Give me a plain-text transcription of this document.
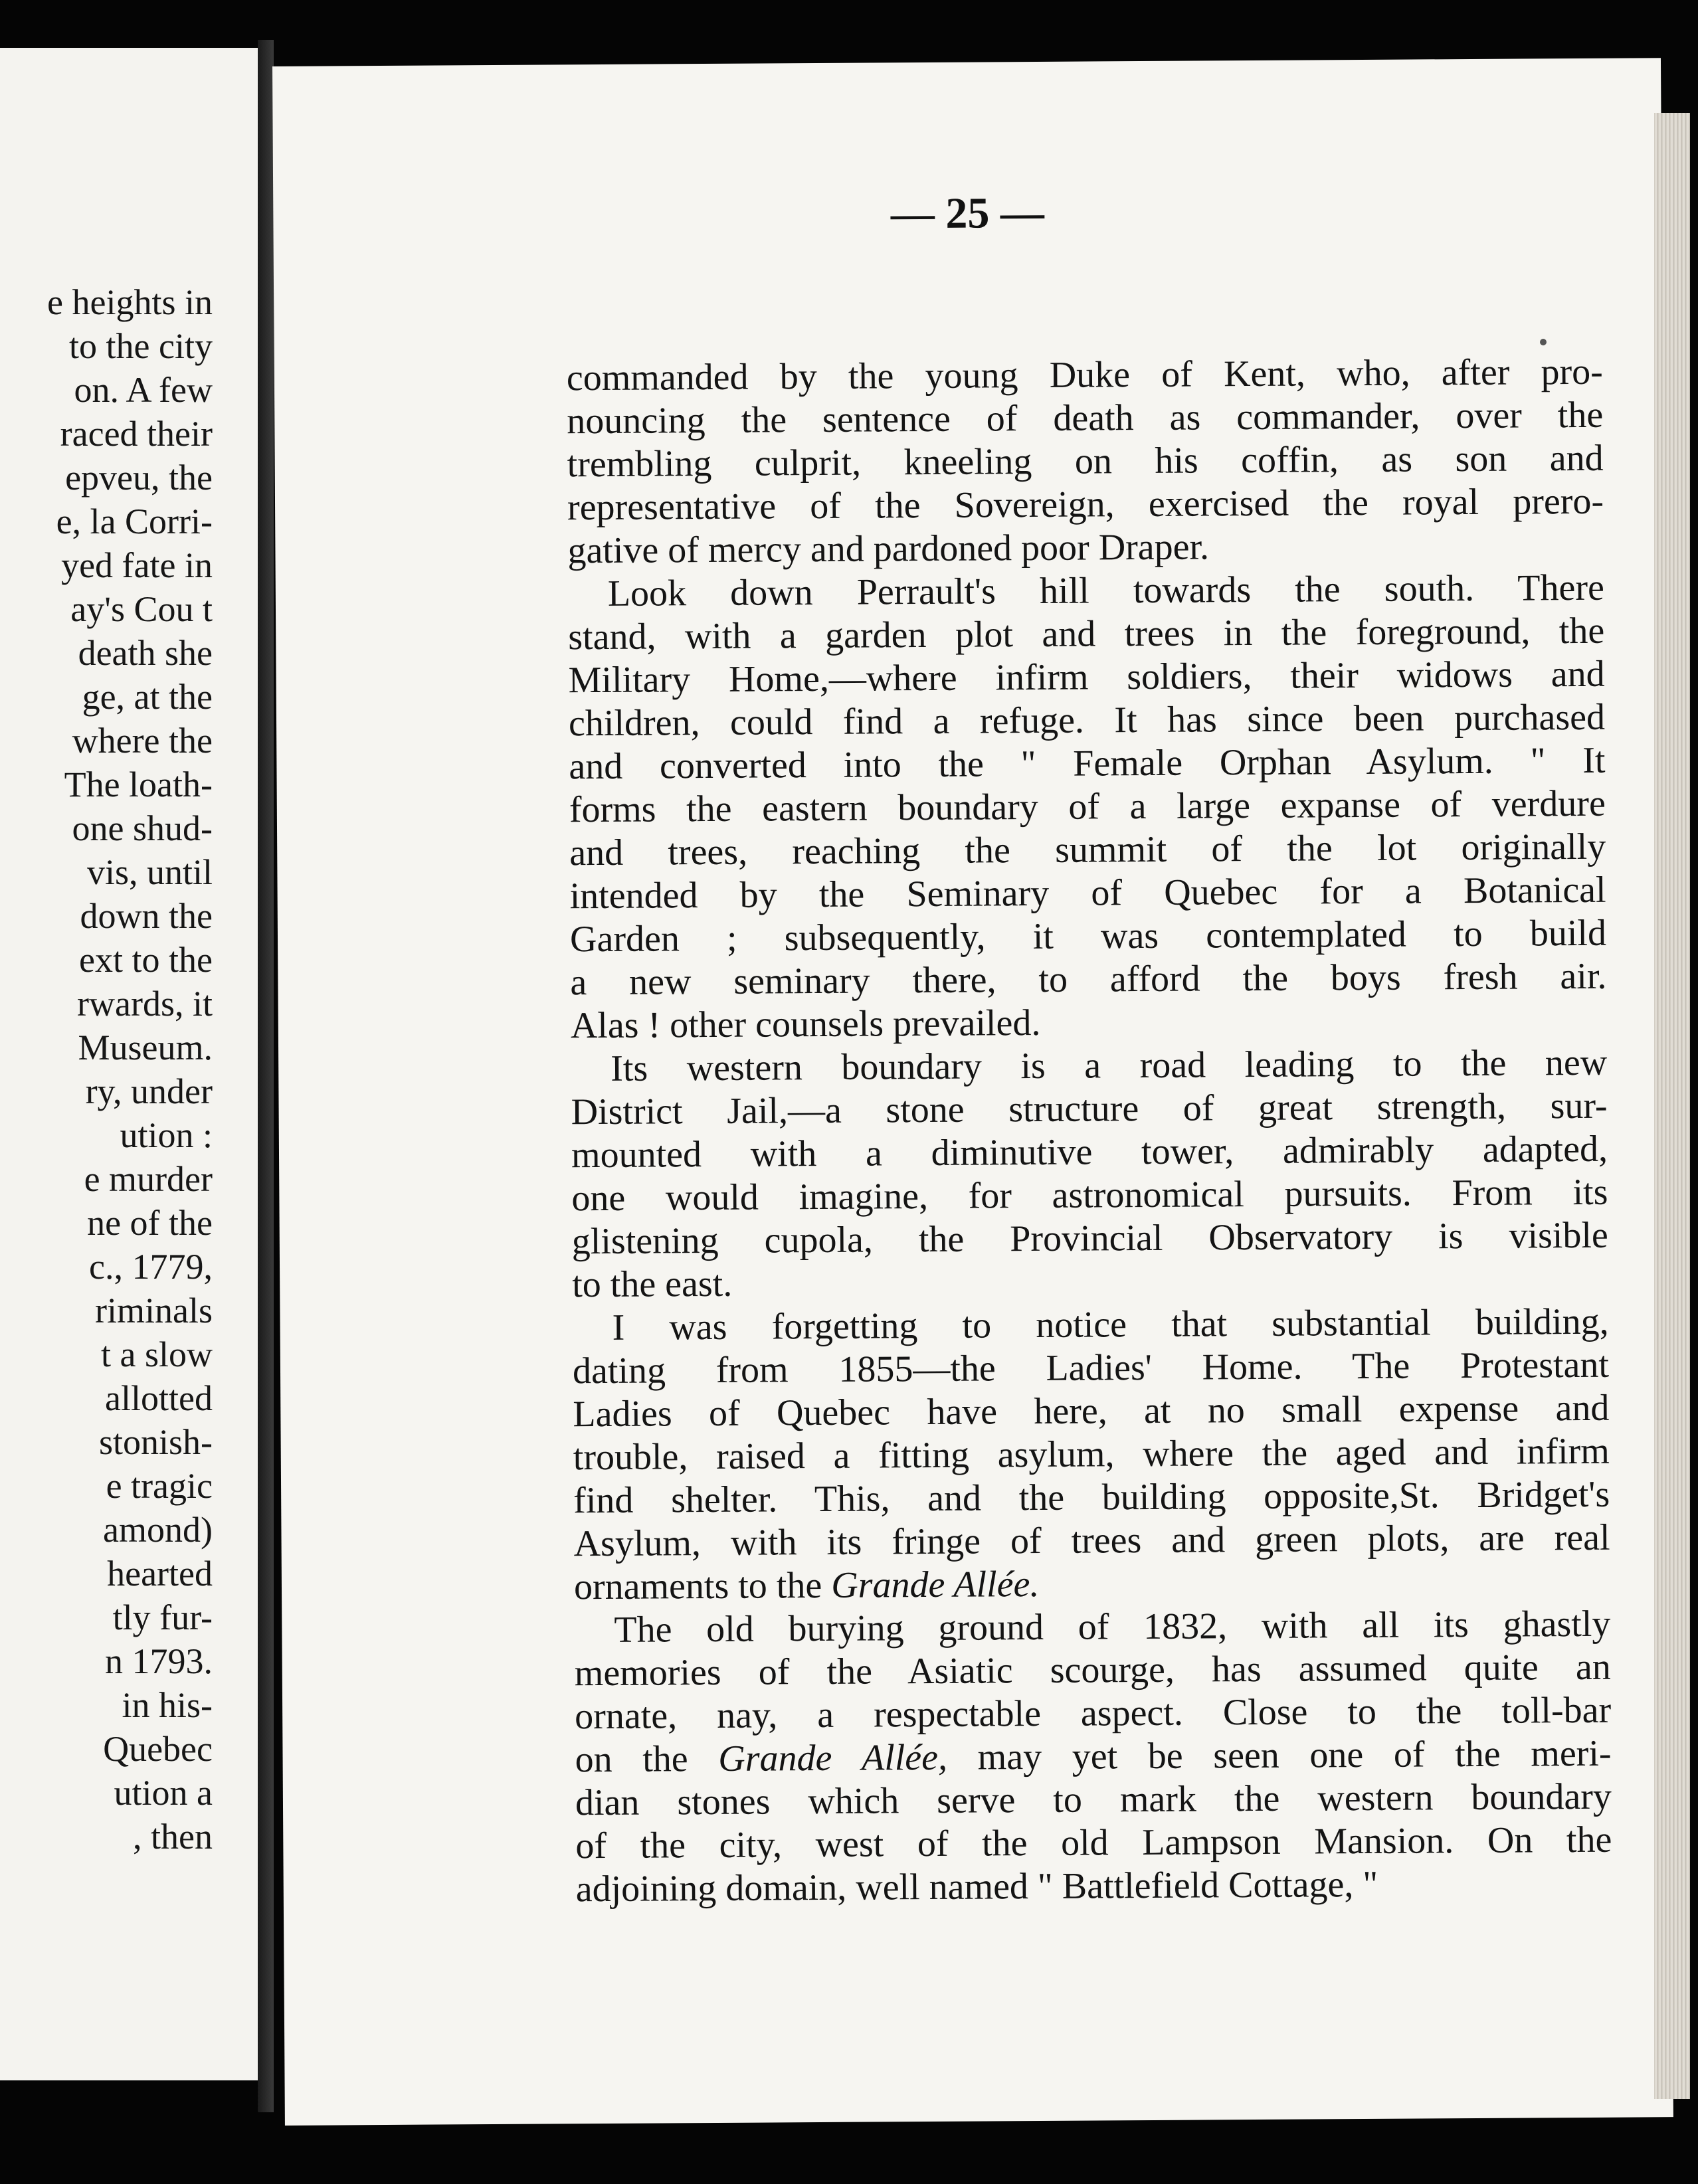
e heights in
to the city
on. A few
raced their
epveu, the
e, la Corri-
yed fate in
ay's Cou t
death she
ge, at the
where the
The loath-
one shud-
vis, until
down the
ext to the
rwards, it
Museum.
ry, under
ution :
e murder
ne of the
c., 1779,
riminals
t a slow
allotted
stonish-
e tragic
amond)
hearted
tly fur-
n 1793.
in his-
Quebec
ution a
, then
— 25 —

commanded by the young Duke of Kent, who, after pro-
nouncing the sentence of death as commander, over the
trembling culprit, kneeling on his coffin, as son and
representative of the Sovereign, exercised the royal prero-
gative of mercy and pardoned poor Draper.

Look down Perrault's hill towards the south. There
stand, with a garden plot and trees in the foreground, the
Military Home,—where infirm soldiers, their widows and
children, could find a refuge. It has since been purchased
and converted into the " Female Orphan Asylum. " It
forms the eastern boundary of a large expanse of verdure
and trees, reaching the summit of the lot originally
intended by the Seminary of Quebec for a Botanical
Garden ; subsequently, it was contemplated to build
a new seminary there, to afford the boys fresh air.
Alas ! other counsels prevailed.

Its western boundary is a road leading to the new
District Jail,—a stone structure of great strength, sur-
mounted with a diminutive tower, admirably adapted,
one would imagine, for astronomical pursuits. From its
glistening cupola, the Provincial Observatory is visible
to the east.

I was forgetting to notice that substantial building,
dating from 1855—the Ladies' Home. The Protestant
Ladies of Quebec have here, at no small expense and
trouble, raised a fitting asylum, where the aged and infirm
find shelter. This, and the building opposite,St. Bridget's
Asylum, with its fringe of trees and green plots, are real
ornaments to the Grande Allée.

The old burying ground of 1832, with all its ghastly
memories of the Asiatic scourge, has assumed quite an
ornate, nay, a respectable aspect. Close to the toll-bar
on the Grande Allée, may yet be seen one of the meri-
dian stones which serve to mark the western boundary
of the city, west of the old Lampson Mansion. On the
adjoining domain, well named " Battlefield Cottage, "
